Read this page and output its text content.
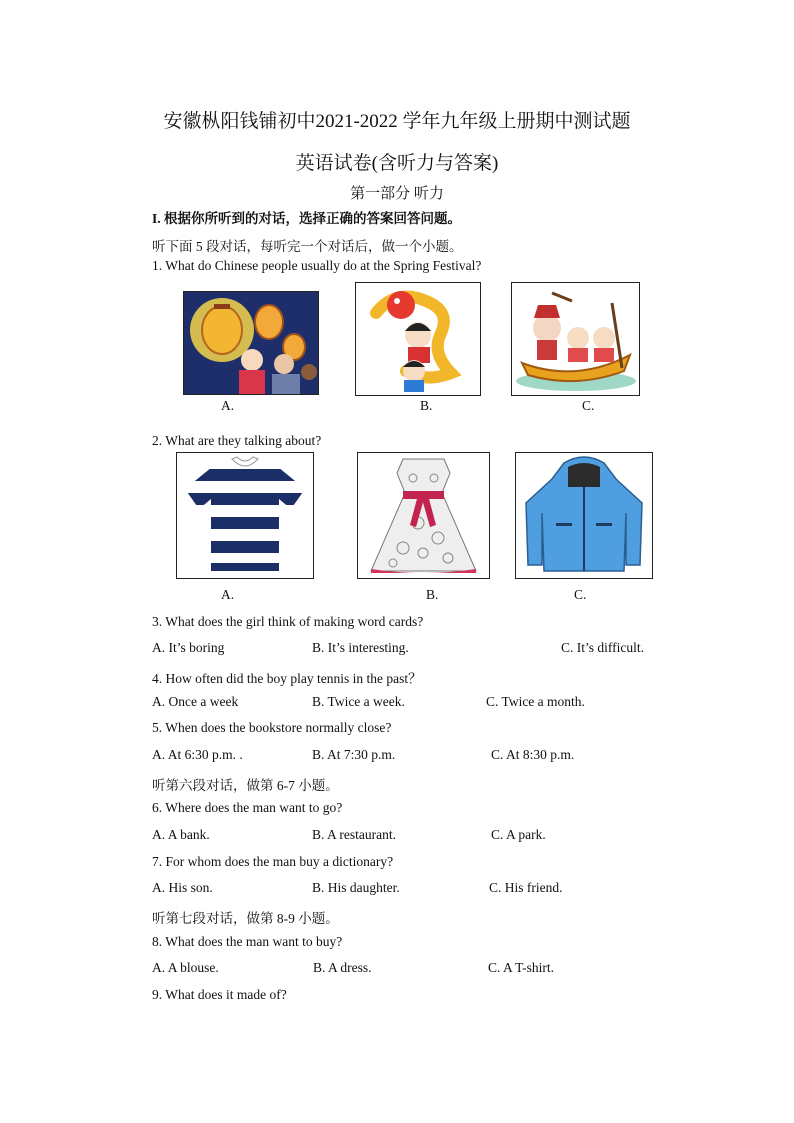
安徽枞阳钱铺初中2021-2022 学年九年级上册期中测试题
英语试卷(含听力与答案)
第一部分 听力
I. 根据你所听到的对话，选择正确的答案回答问题。
听下面 5 段对话，每听完一个对话后，做一个小题。
1. What do Chinese people usually do at the Spring Festival?
A.	B.	C.
2. What are they talking about?
A.	B.	C.
3. What does the girl think of making word cards?
A. It’s boring	B. It’s interesting.	C. It’s difficult.
4. How often did the boy play tennis in the past？
A. Once a week	B. Twice a week.	C. Twice a month.
5. When does the bookstore normally close?
A. At 6:30 p.m. .	B. At 7:30 p.m.	C. At 8:30 p.m.
听第六段对话，做第 6-7 小题。
6. Where does the man want to go?
A. A bank.	B. A restaurant.	C. A park.
7. For whom does the man buy a dictionary?
A. His son.	B. His daughter.	C. His friend.
听第七段对话，做第 8-9 小题。
8. What does the man want to buy?
A. A blouse.	B. A dress.	C. A T-shirt.
9. What does it made of?
